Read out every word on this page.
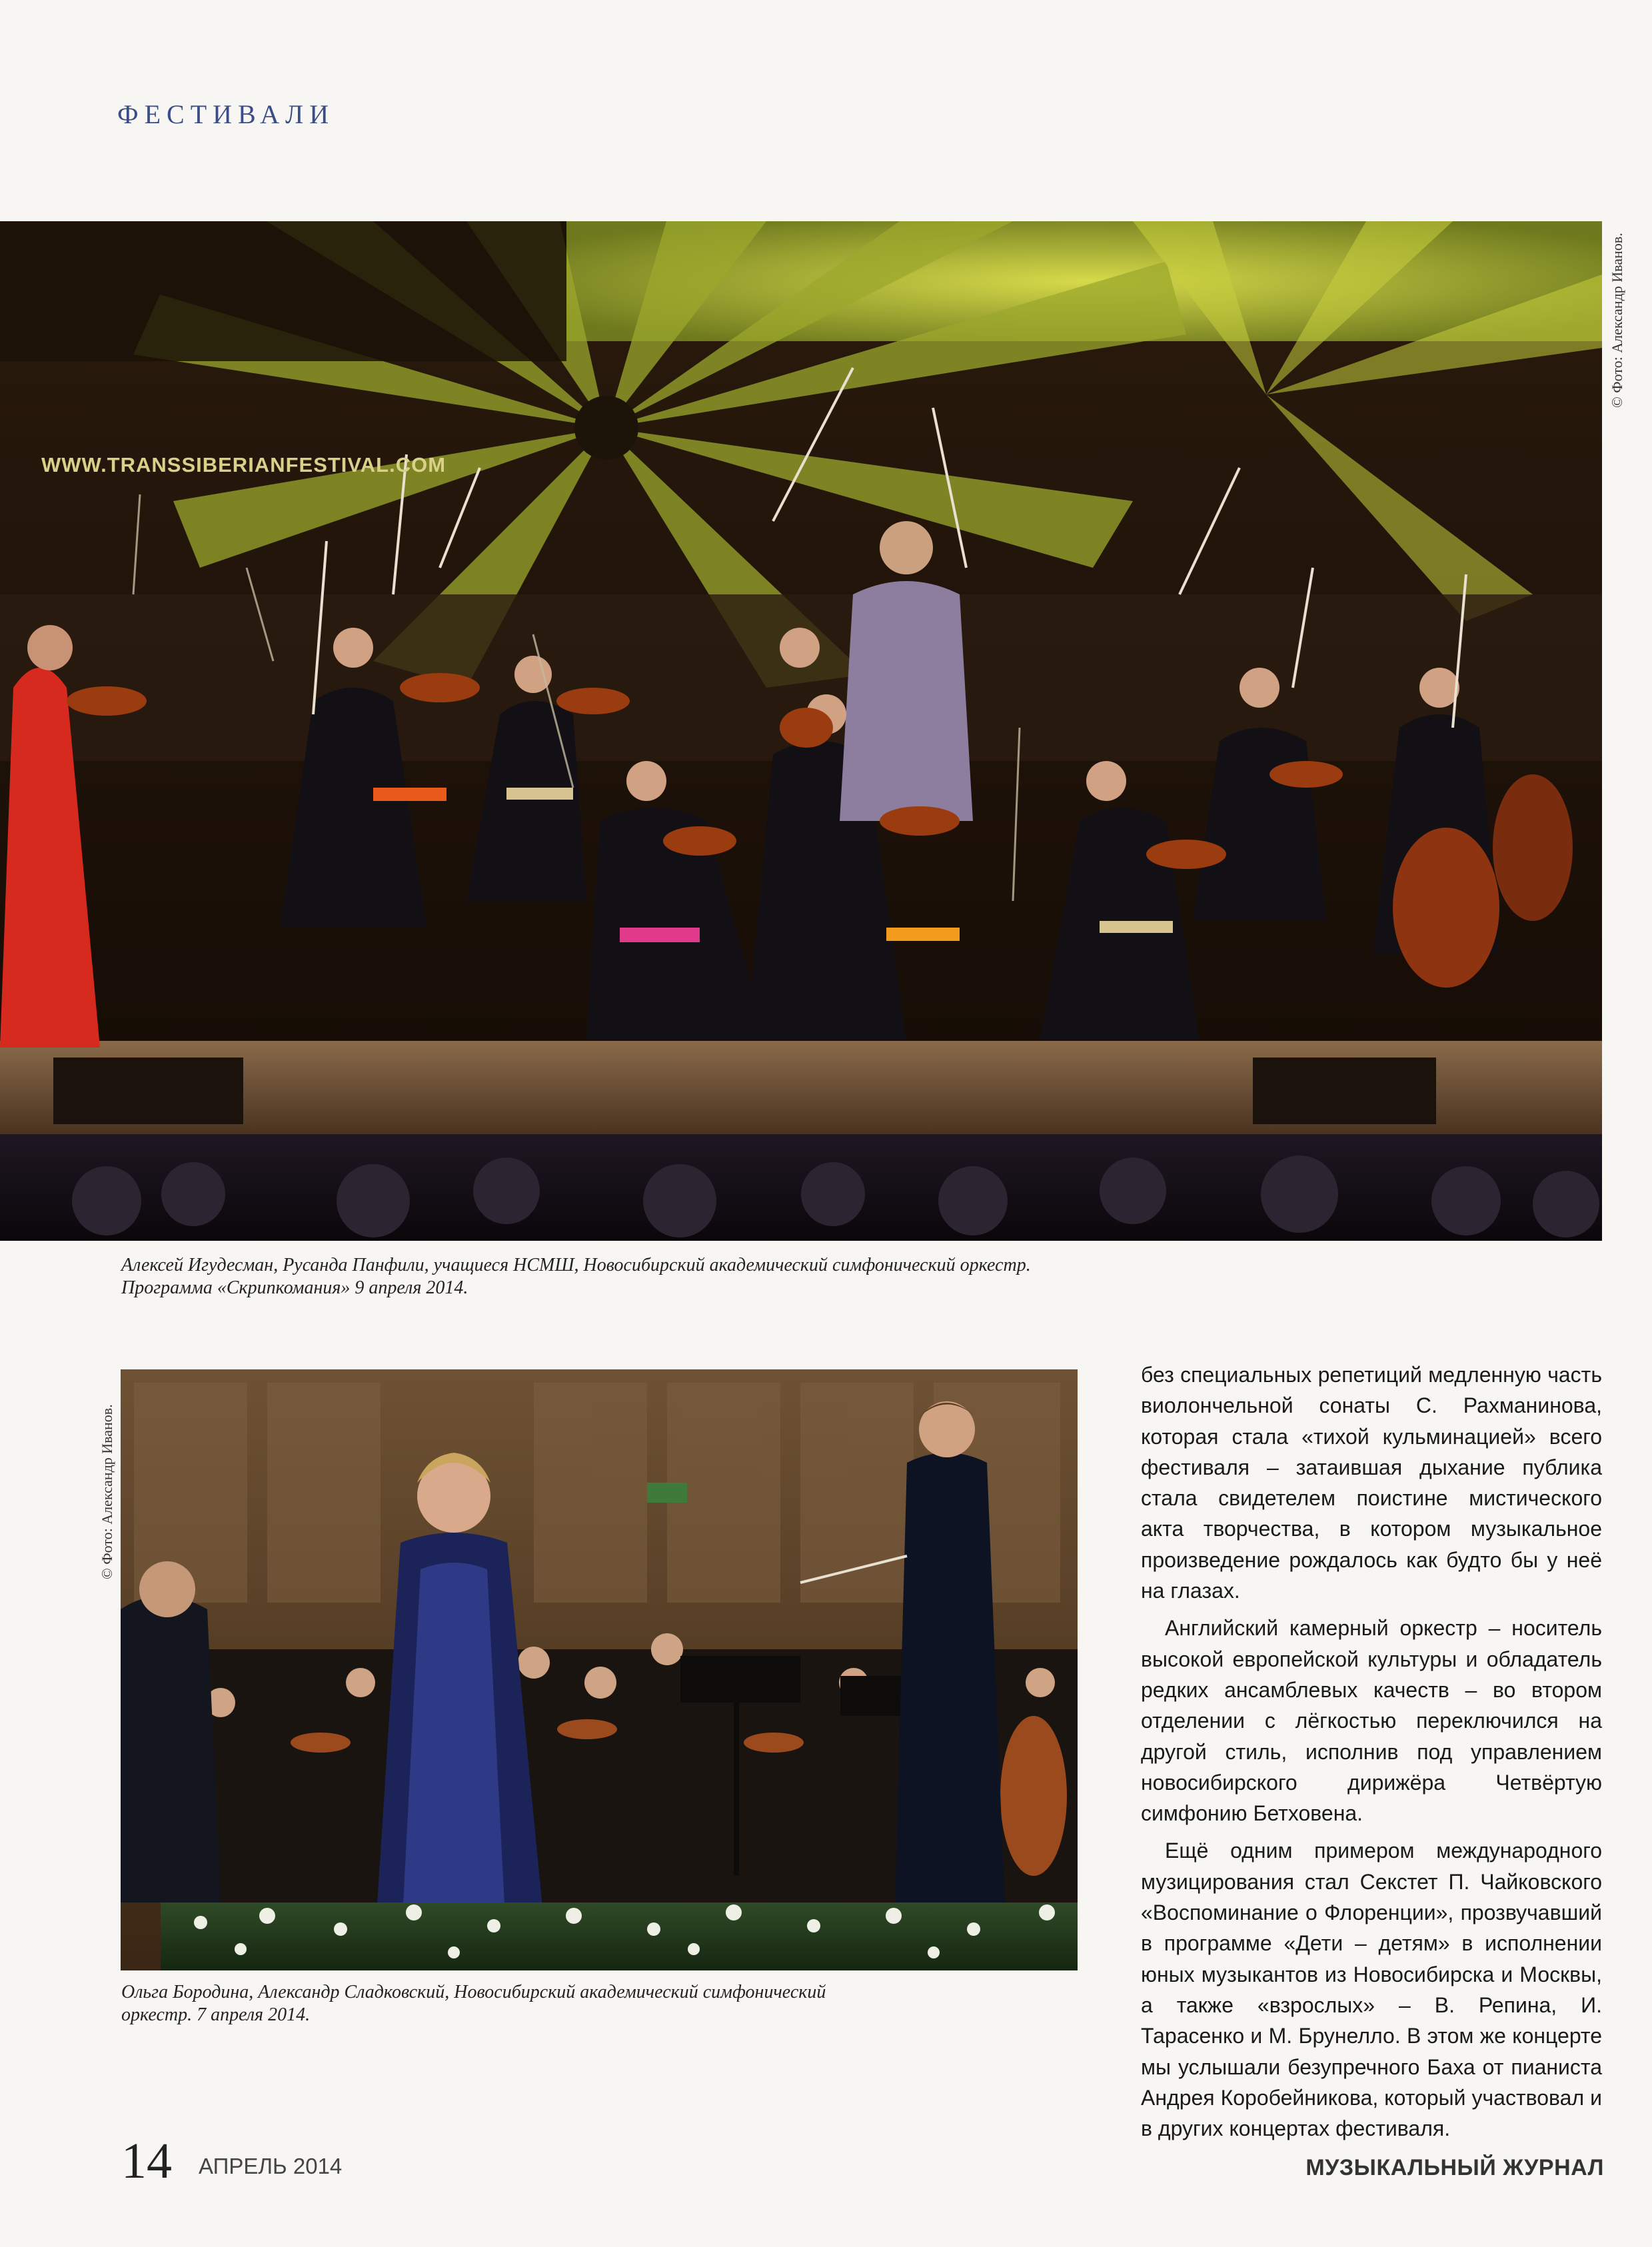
ФЕСТИВАЛИ
WWW.TRANSSIBERIANFESTIVAL.COM
© Фото: Александр Иванов.
Алексей Игудесман, Русанда Панфили, учащиеся НСМШ, Новосибирский академический симфонический оркестр.
Программа «Скрипкомания» 9 апреля 2014.
© Фото: Александр Иванов.
Ольга Бородина, Александр Сладковский, Новосибирский академический симфонический
оркестр. 7 апреля 2014.

без специальных репетиций медленную часть виолончельной сонаты С. Рахманинова, которая стала «тихой кульминацией» всего фестиваля – затаившая дыхание публика стала свидетелем поистине мистического акта творчества, в котором музыкальное произведение рождалось как будто бы у неё на глазах.

Английский камерный оркестр – носитель высокой европейской культуры и обладатель редких ансамблевых качеств – во втором отделении с лёгкостью переключился на другой стиль, исполнив под управлением новосибирского дирижёра Четвёртую симфонию Бетховена.

Ещё одним примером международного музицирования стал Секстет П. Чайковского «Воспоминание о Флоренции», прозвучавший в программе «Дети – детям» в исполнении юных музыкантов из Новосибирска и Москвы, а также «взрослых» – В. Репина, И. Тарасенко и М. Брунелло. В этом же концерте мы услышали безупречного Баха от пианиста Андрея Коробейникова, который участвовал и в других концертах фестиваля.

14 АПРЕЛЬ 2014	МУЗЫКАЛЬНЫЙ ЖУРНАЛ
